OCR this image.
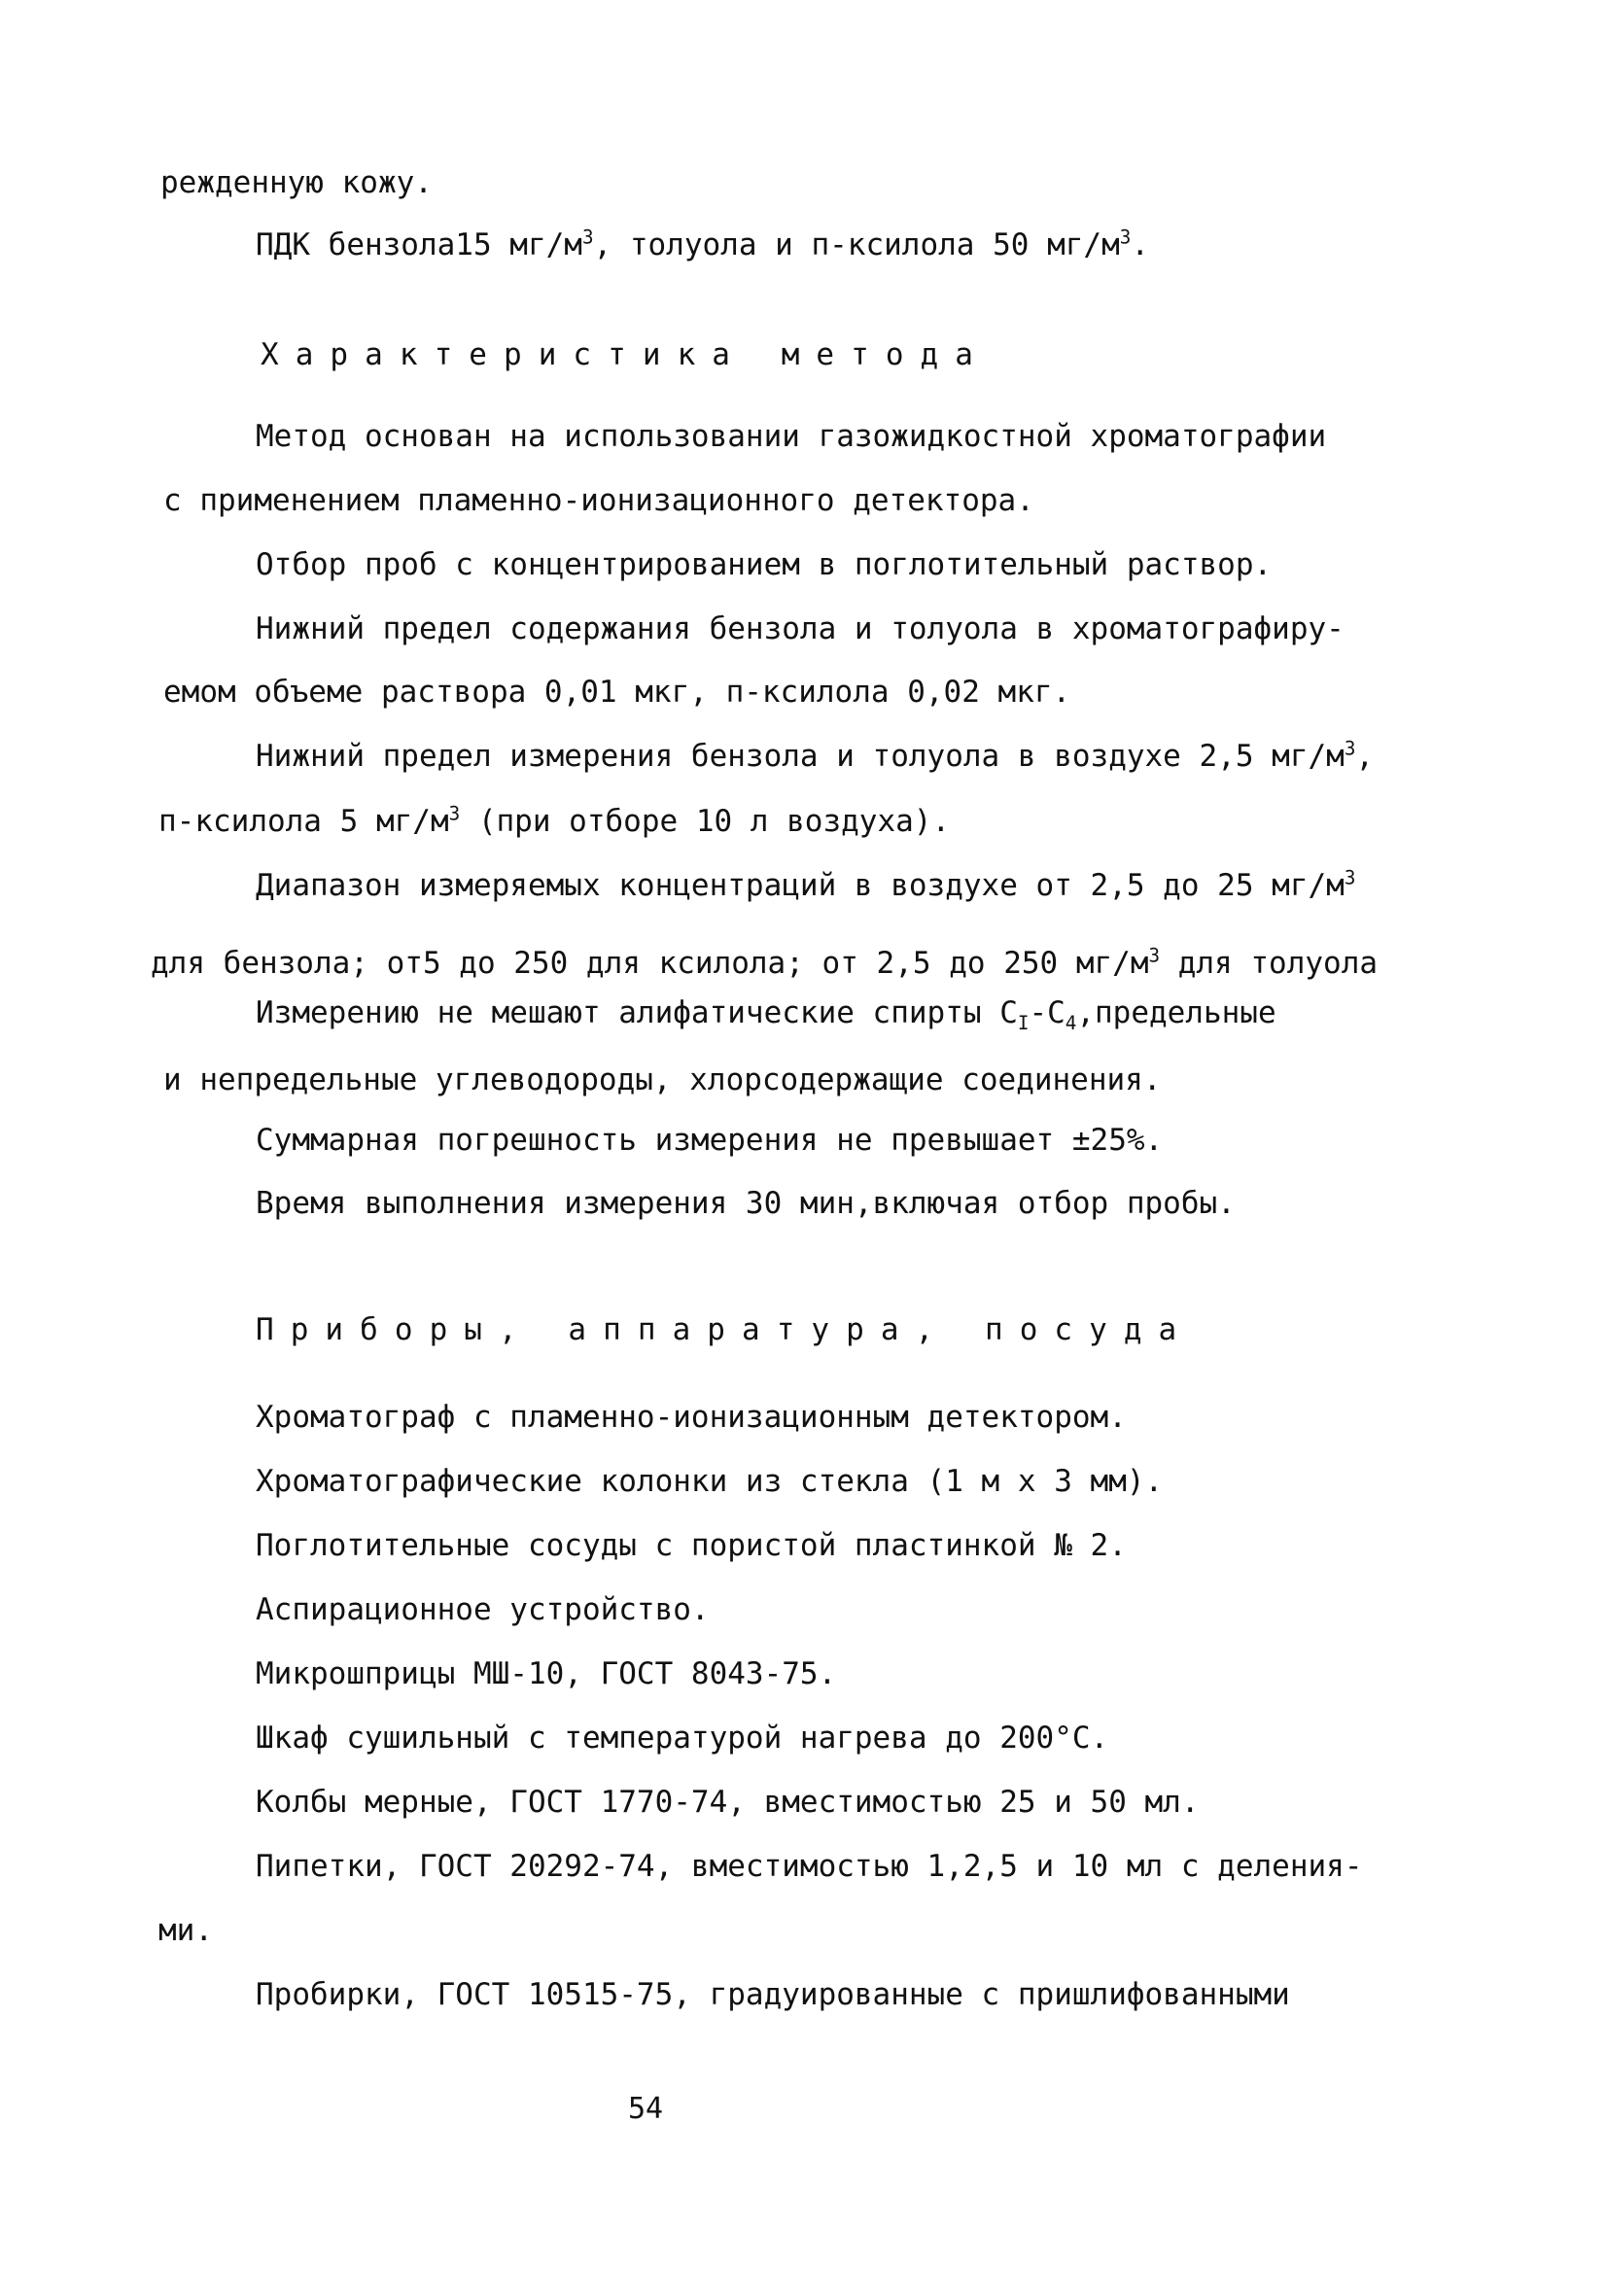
режденную кожу.
ПДК бензола15 $мг/м^3$, толуола и п-ксилола 50 $мг/м^3$.
Характеристика метода
Метод основан на использовании газожидкостной хроматографии
с применением пламенно-ионизационного детектора.
Отбор проб с концентрированием в поглотительный раствор.
Нижний предел содержания бензола и толуола в хроматографиру-
емом объеме раствора 0,01 мкг, п-ксилола 0,02 мкг.
Нижний предел измерения бензола и толуола в воздухе 2,5 $мг/м^3$,
п-ксилола 5 $мг/м^3$ (при отборе 10 л воздуха).
Диапазон измеряемых концентраций в воздухе от 2,5 до 25 $мг/м^3$
для бензола; от5 до 250 для ксилола; от 2,5 до 250 $мг/м^3$ для толуола
Измерению не мешают алифатические спирты $С_I-С_4,предельные$
и непредельные углеводороды, хлорсодержащие соединения.
Суммарная погрешность измерения не превышает ±25%.
Время выполнения измерения 30 мин,включая отбор пробы.
Приборы, аппаратура, посуда
Хроматограф с пламенно-ионизационным детектором.
Хроматографические колонки из стекла (1 м х 3 мм).
Поглотительные сосуды с пористой пластинкой № 2.
Аспирационное устройство.
Микрошприцы МШ-10, ГОСТ 8043-75.
Шкаф сушильный с температурой нагрева до 200°С.
Колбы мерные, ГОСТ 1770-74, вместимостью 25 и 50 мл.
Пипетки, ГОСТ 20292-74, вместимостью 1,2,5 и 10 мл с деления-
ми.
Пробирки, ГОСТ 10515-75, градуированные с пришлифованными
54
